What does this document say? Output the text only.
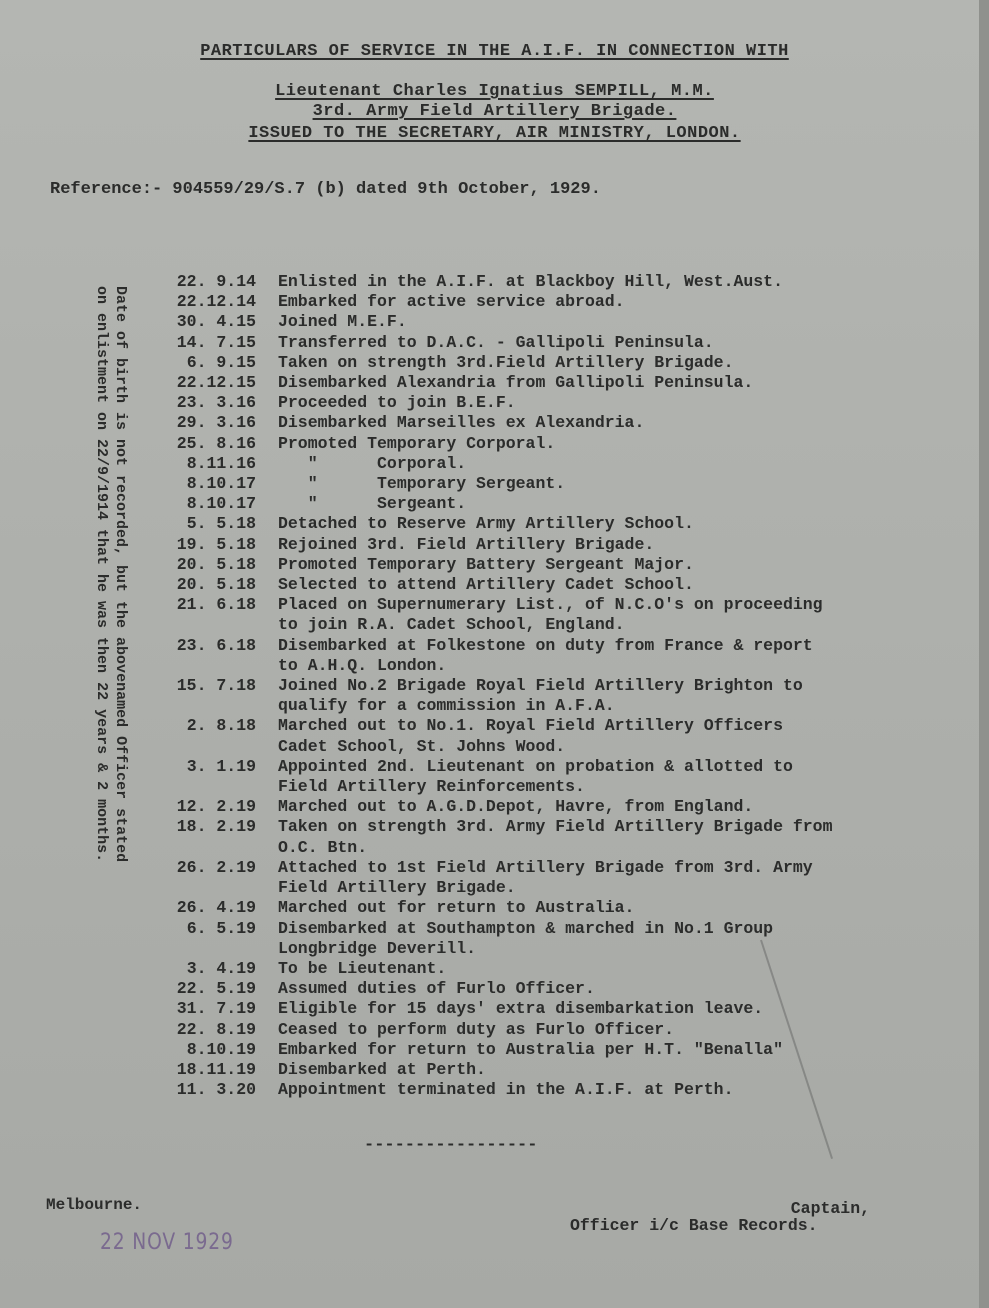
PARTICULARS OF SERVICE IN THE A.I.F. IN CONNECTION WITH
Lieutenant Charles Ignatius SEMPILL, M.M.
3rd. Army Field Artillery Brigade.
ISSUED TO THE SECRETARY, AIR MINISTRY, LONDON.
Reference:- 904559/29/S.7 (b) dated 9th October, 1929.
Date of birth is not recorded, but the abovenamed Officer stated
on enlistment on 22/9/1914 that he was then 22 years & 2 months.
22. 9.14	Enlisted in the A.I.F. at Blackboy Hill, West.Aust.
22.12.14	Embarked for active service abroad.
30. 4.15	Joined M.E.F.
14. 7.15	Transferred to D.A.C. - Gallipoli Peninsula.
6. 9.15	Taken on strength 3rd.Field Artillery Brigade.
22.12.15	Disembarked Alexandria from Gallipoli Peninsula.
23. 3.16	Proceeded to join B.E.F.
29. 3.16	Disembarked Marseilles ex Alexandria.
25. 8.16	Promoted Temporary Corporal.
8.11.16	"      Corporal.
8.10.17	"      Temporary Sergeant.
8.10.17	"      Sergeant.
5. 5.18	Detached to Reserve Army Artillery School.
19. 5.18	Rejoined 3rd. Field Artillery Brigade.
20. 5.18	Promoted Temporary Battery Sergeant Major.
20. 5.18	Selected to attend Artillery Cadet School.
21. 6.18	Placed on Supernumerary List., of N.C.O's on proceeding
to join R.A. Cadet School, England.
23. 6.18	Disembarked at Folkestone on duty from France & report
to A.H.Q. London.
15. 7.18	Joined No.2 Brigade Royal Field Artillery Brighton to
qualify for a commission in A.F.A.
2. 8.18	Marched out to No.1. Royal Field Artillery Officers
Cadet School, St. Johns Wood.
3. 1.19	Appointed 2nd. Lieutenant on probation & allotted to
Field Artillery Reinforcements.
12. 2.19	Marched out to A.G.D.Depot, Havre, from England.
18. 2.19	Taken on strength 3rd. Army Field Artillery Brigade from
O.C. Btn.
26. 2.19	Attached to 1st Field Artillery Brigade from 3rd. Army
Field Artillery Brigade.
26. 4.19	Marched out for return to Australia.
6. 5.19	Disembarked at Southampton & marched in No.1 Group
Longbridge Deverill.
3. 4.19	To be Lieutenant.
22. 5.19	Assumed duties of Furlo Officer.
31. 7.19	Eligible for 15 days' extra disembarkation leave.
22. 8.19	Ceased to perform duty as Furlo Officer.
8.10.19	Embarked for return to Australia per H.T. "Benalla"
18.11.19	Disembarked at Perth.
11. 3.20	Appointment terminated in the A.I.F. at Perth.
-----------------
Melbourne.
22 NOV 1929
Captain,
Officer i/c Base Records.
